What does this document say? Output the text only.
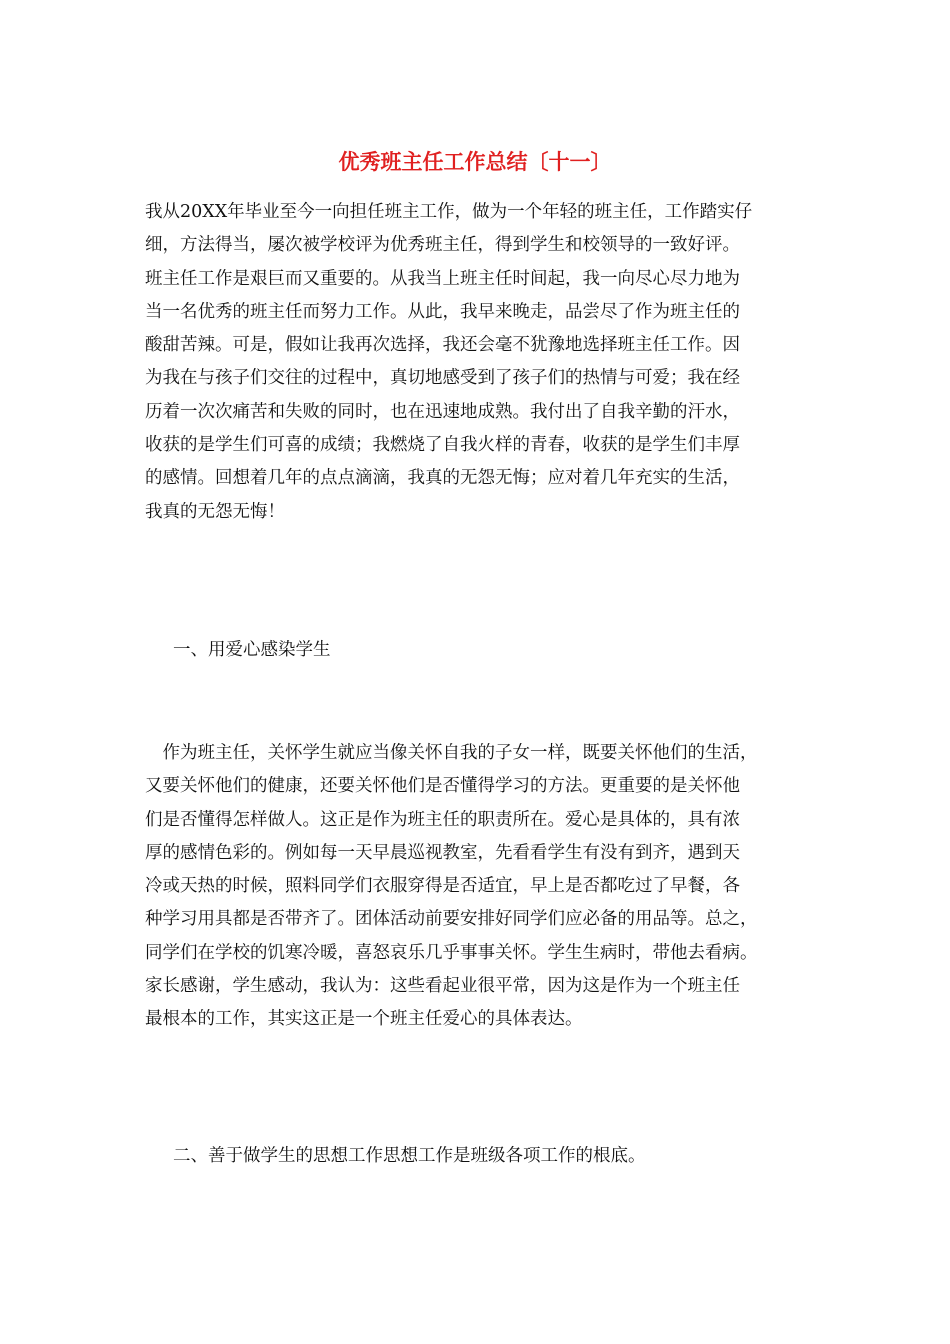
优秀班主任工作总结〔十一〕
我从20XX年毕业至今一向担任班主工作，做为一个年轻的班主任，工作踏实仔
细，方法得当，屡次被学校评为优秀班主任，得到学生和校领导的一致好评。
班主任工作是艰巨而又重要的。从我当上班主任时间起，我一向尽心尽力地为
当一名优秀的班主任而努力工作。从此，我早来晚走，品尝尽了作为班主任的
酸甜苦辣。可是，假如让我再次选择，我还会毫不犹豫地选择班主任工作。因
为我在与孩子们交往的过程中，真切地感受到了孩子们的热情与可爱；我在经
历着一次次痛苦和失败的同时，也在迅速地成熟。我付出了自我辛勤的汗水，
收获的是学生们可喜的成绩；我燃烧了自我火样的青春，收获的是学生们丰厚
的感情。回想着几年的点点滴滴，我真的无怨无悔；应对着几年充实的生活，
我真的无怨无悔！

一、用爱心感染学生

　作为班主任，关怀学生就应当像关怀自我的子女一样，既要关怀他们的生活，
又要关怀他们的健康，还要关怀他们是否懂得学习的方法。更重要的是关怀他
们是否懂得怎样做人。这正是作为班主任的职责所在。爱心是具体的，具有浓
厚的感情色彩的。例如每一天早晨巡视教室，先看看学生有没有到齐，遇到天
冷或天热的时候，照料同学们衣服穿得是否适宜，早上是否都吃过了早餐，各
种学习用具都是否带齐了。团体活动前要安排好同学们应必备的用品等。总之，
同学们在学校的饥寒冷暖，喜怒哀乐几乎事事关怀。学生生病时，带他去看病。
家长感谢，学生感动，我认为：这些看起业很平常，因为这是作为一个班主任
最根本的工作，其实这正是一个班主任爱心的具体表达。

二、善于做学生的思想工作思想工作是班级各项工作的根底。
